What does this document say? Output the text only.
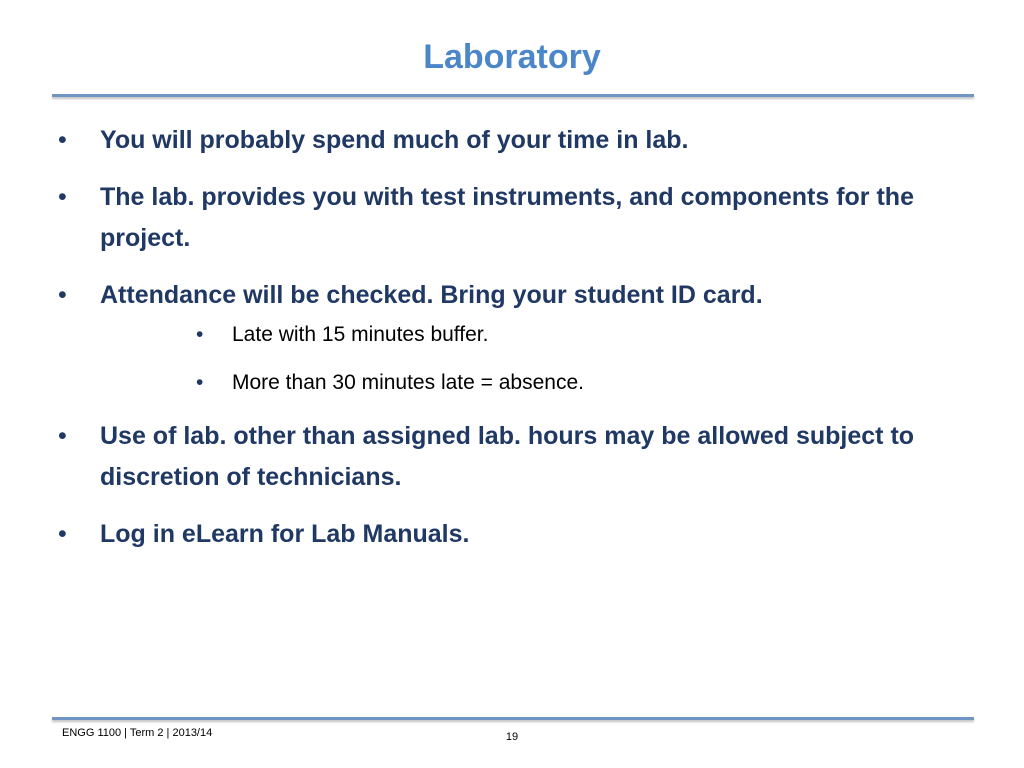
Laboratory
• You will probably spend much of your time in lab.
• The lab. provides you with test instruments, and components for the project.
• Attendance will be checked. Bring your student ID card.
• Late with 15 minutes buffer.
• More than 30 minutes late = absence.
• Use of lab. other than assigned lab. hours may be allowed subject to discretion of technicians.
• Log in eLearn for Lab Manuals.
ENGG 1100 | Term 2 | 2013/14	19
